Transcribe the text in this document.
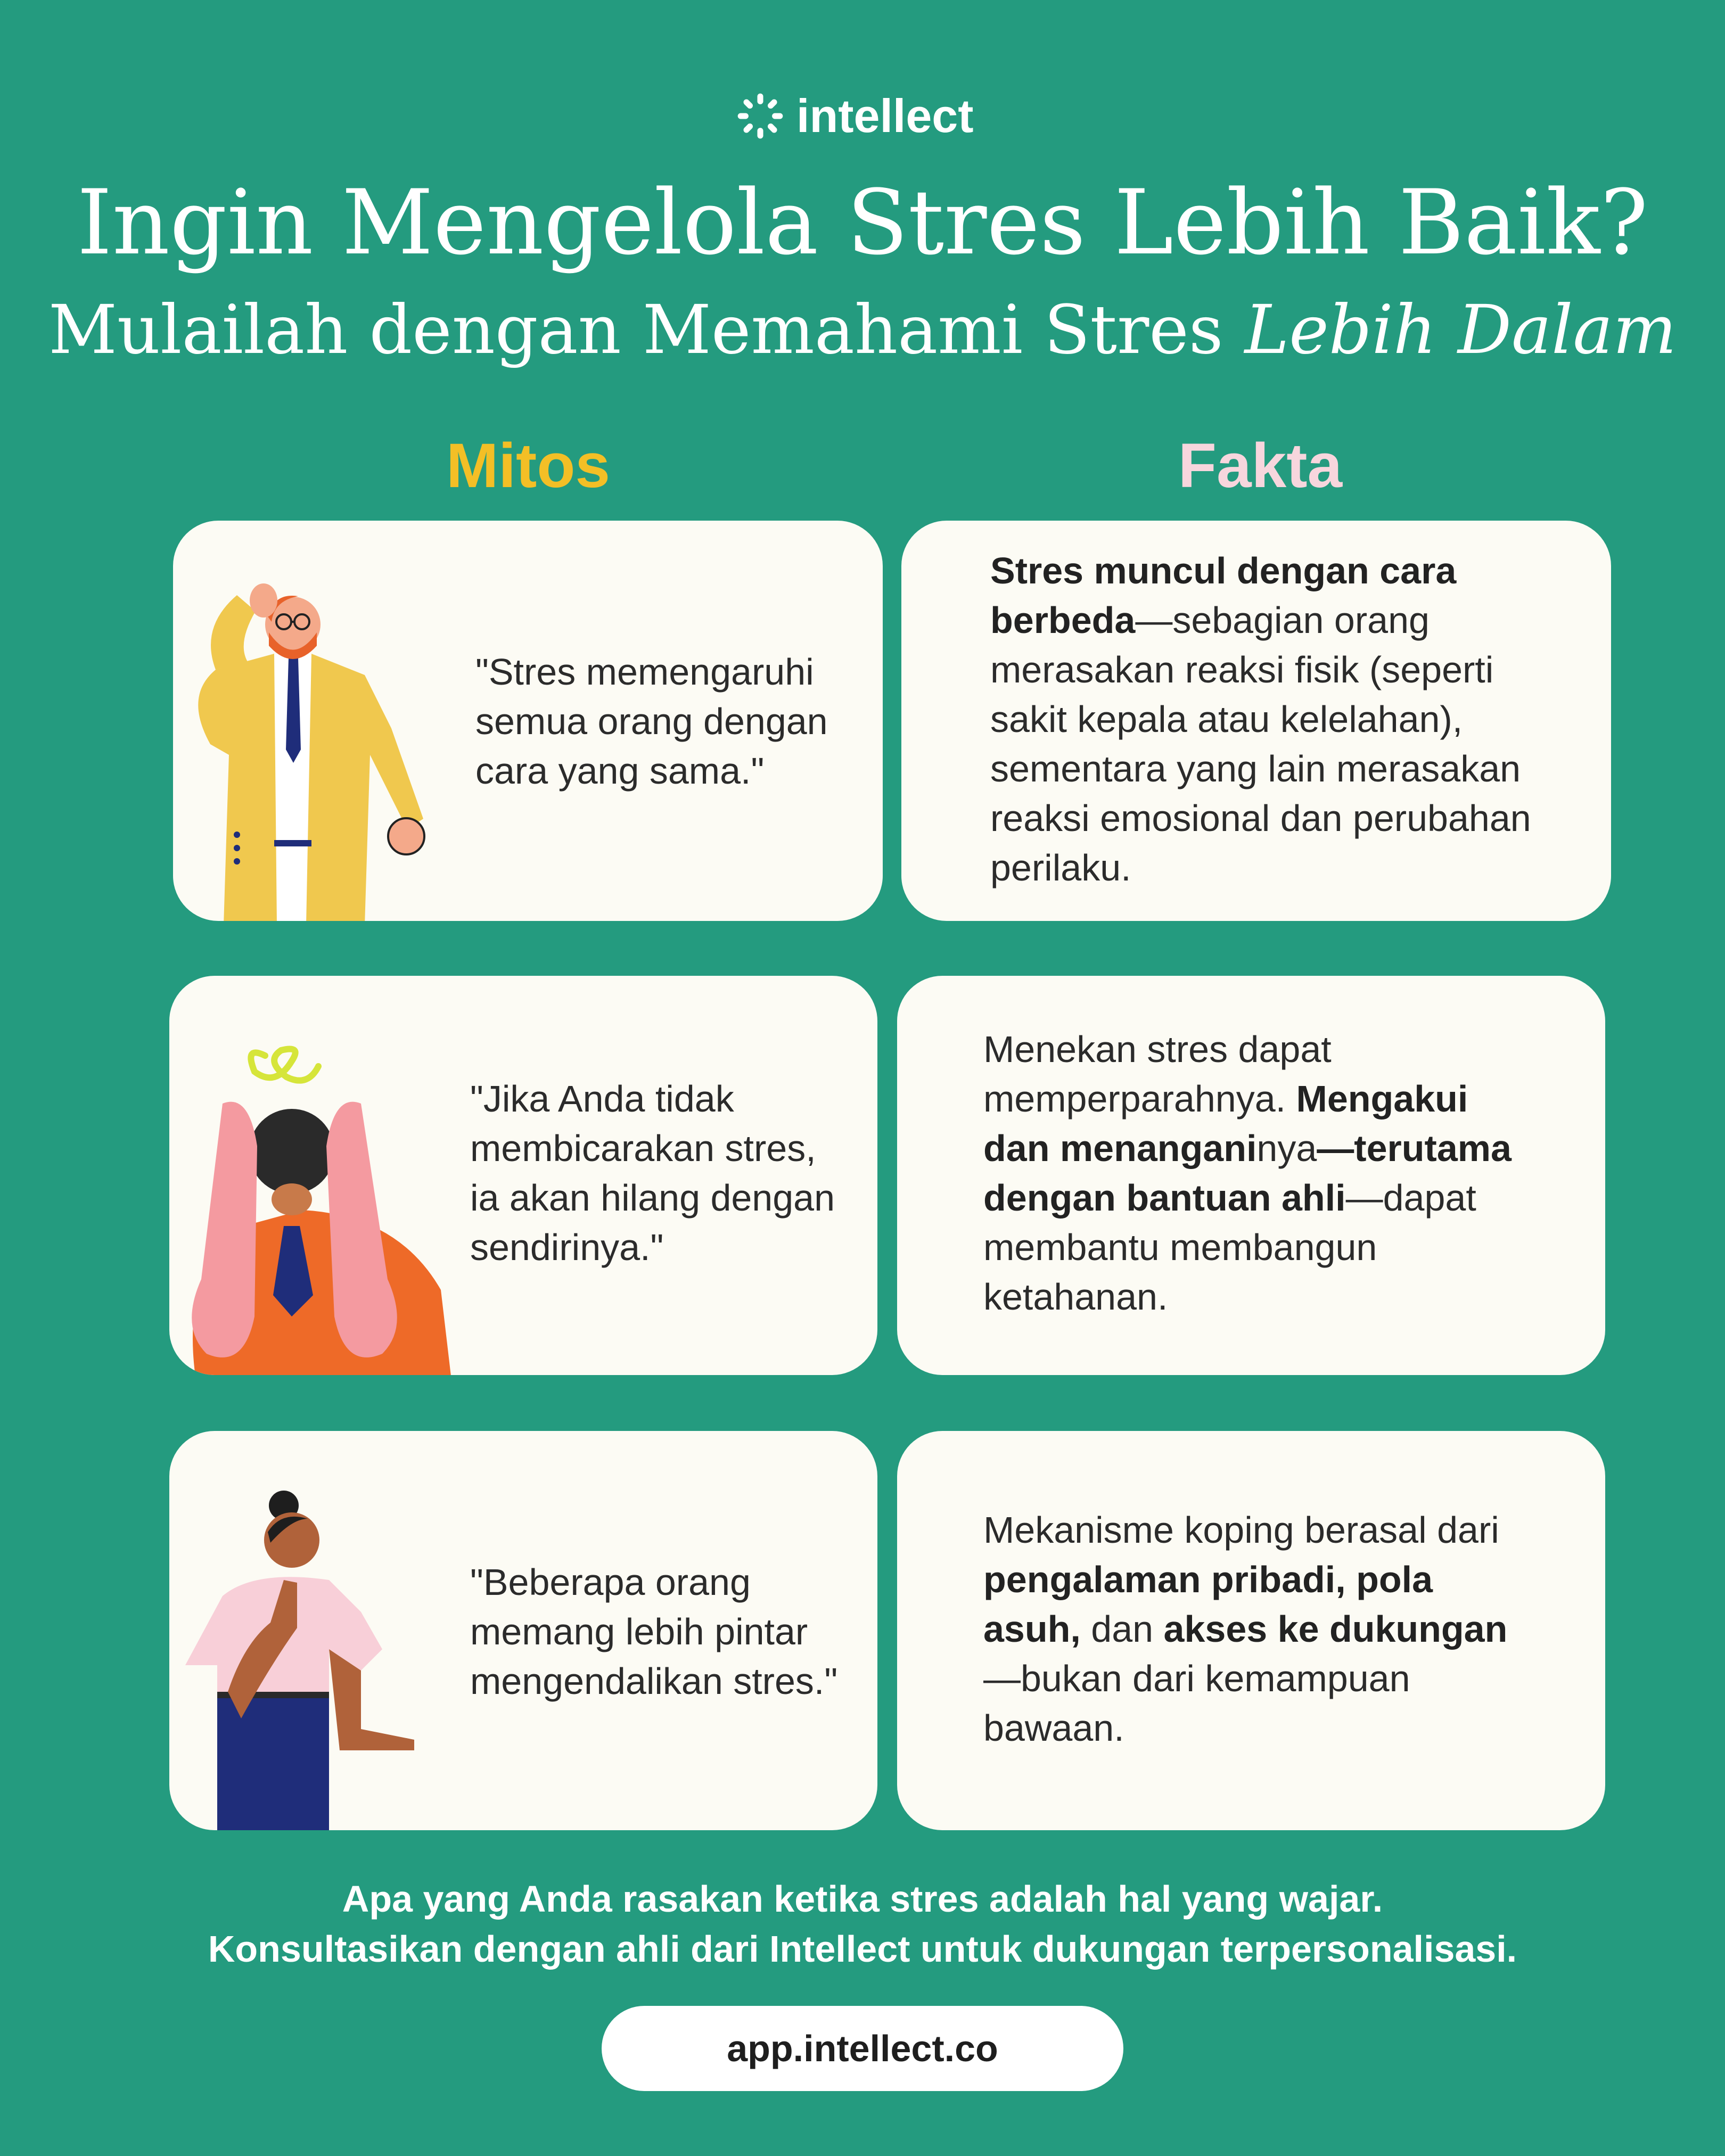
intellect
Ingin Mengelola Stres Lebih Baik?
Mulailah dengan Memahami Stres Lebih Dalam
Mitos	Fakta
"Stres memengaruhi
semua orang dengan
cara yang sama."
Stres muncul dengan cara
berbeda—sebagian orang
merasakan reaksi fisik (seperti
sakit kepala atau kelelahan),
sementara yang lain merasakan
reaksi emosional dan perubahan
perilaku.
"Jika Anda tidak
membicarakan stres,
ia akan hilang dengan
sendirinya."
Menekan stres dapat
memperparahnya. Mengakui
dan menanganinya—terutama
dengan bantuan ahli—dapat
membantu membangun
ketahanan.
"Beberapa orang
memang lebih pintar
mengendalikan stres."
Mekanisme koping berasal dari
pengalaman pribadi, pola
asuh, dan akses ke dukungan
—bukan dari kemampuan
bawaan.
Apa yang Anda rasakan ketika stres adalah hal yang wajar.
Konsultasikan dengan ahli dari Intellect untuk dukungan terpersonalisasi.
app.intellect.co
